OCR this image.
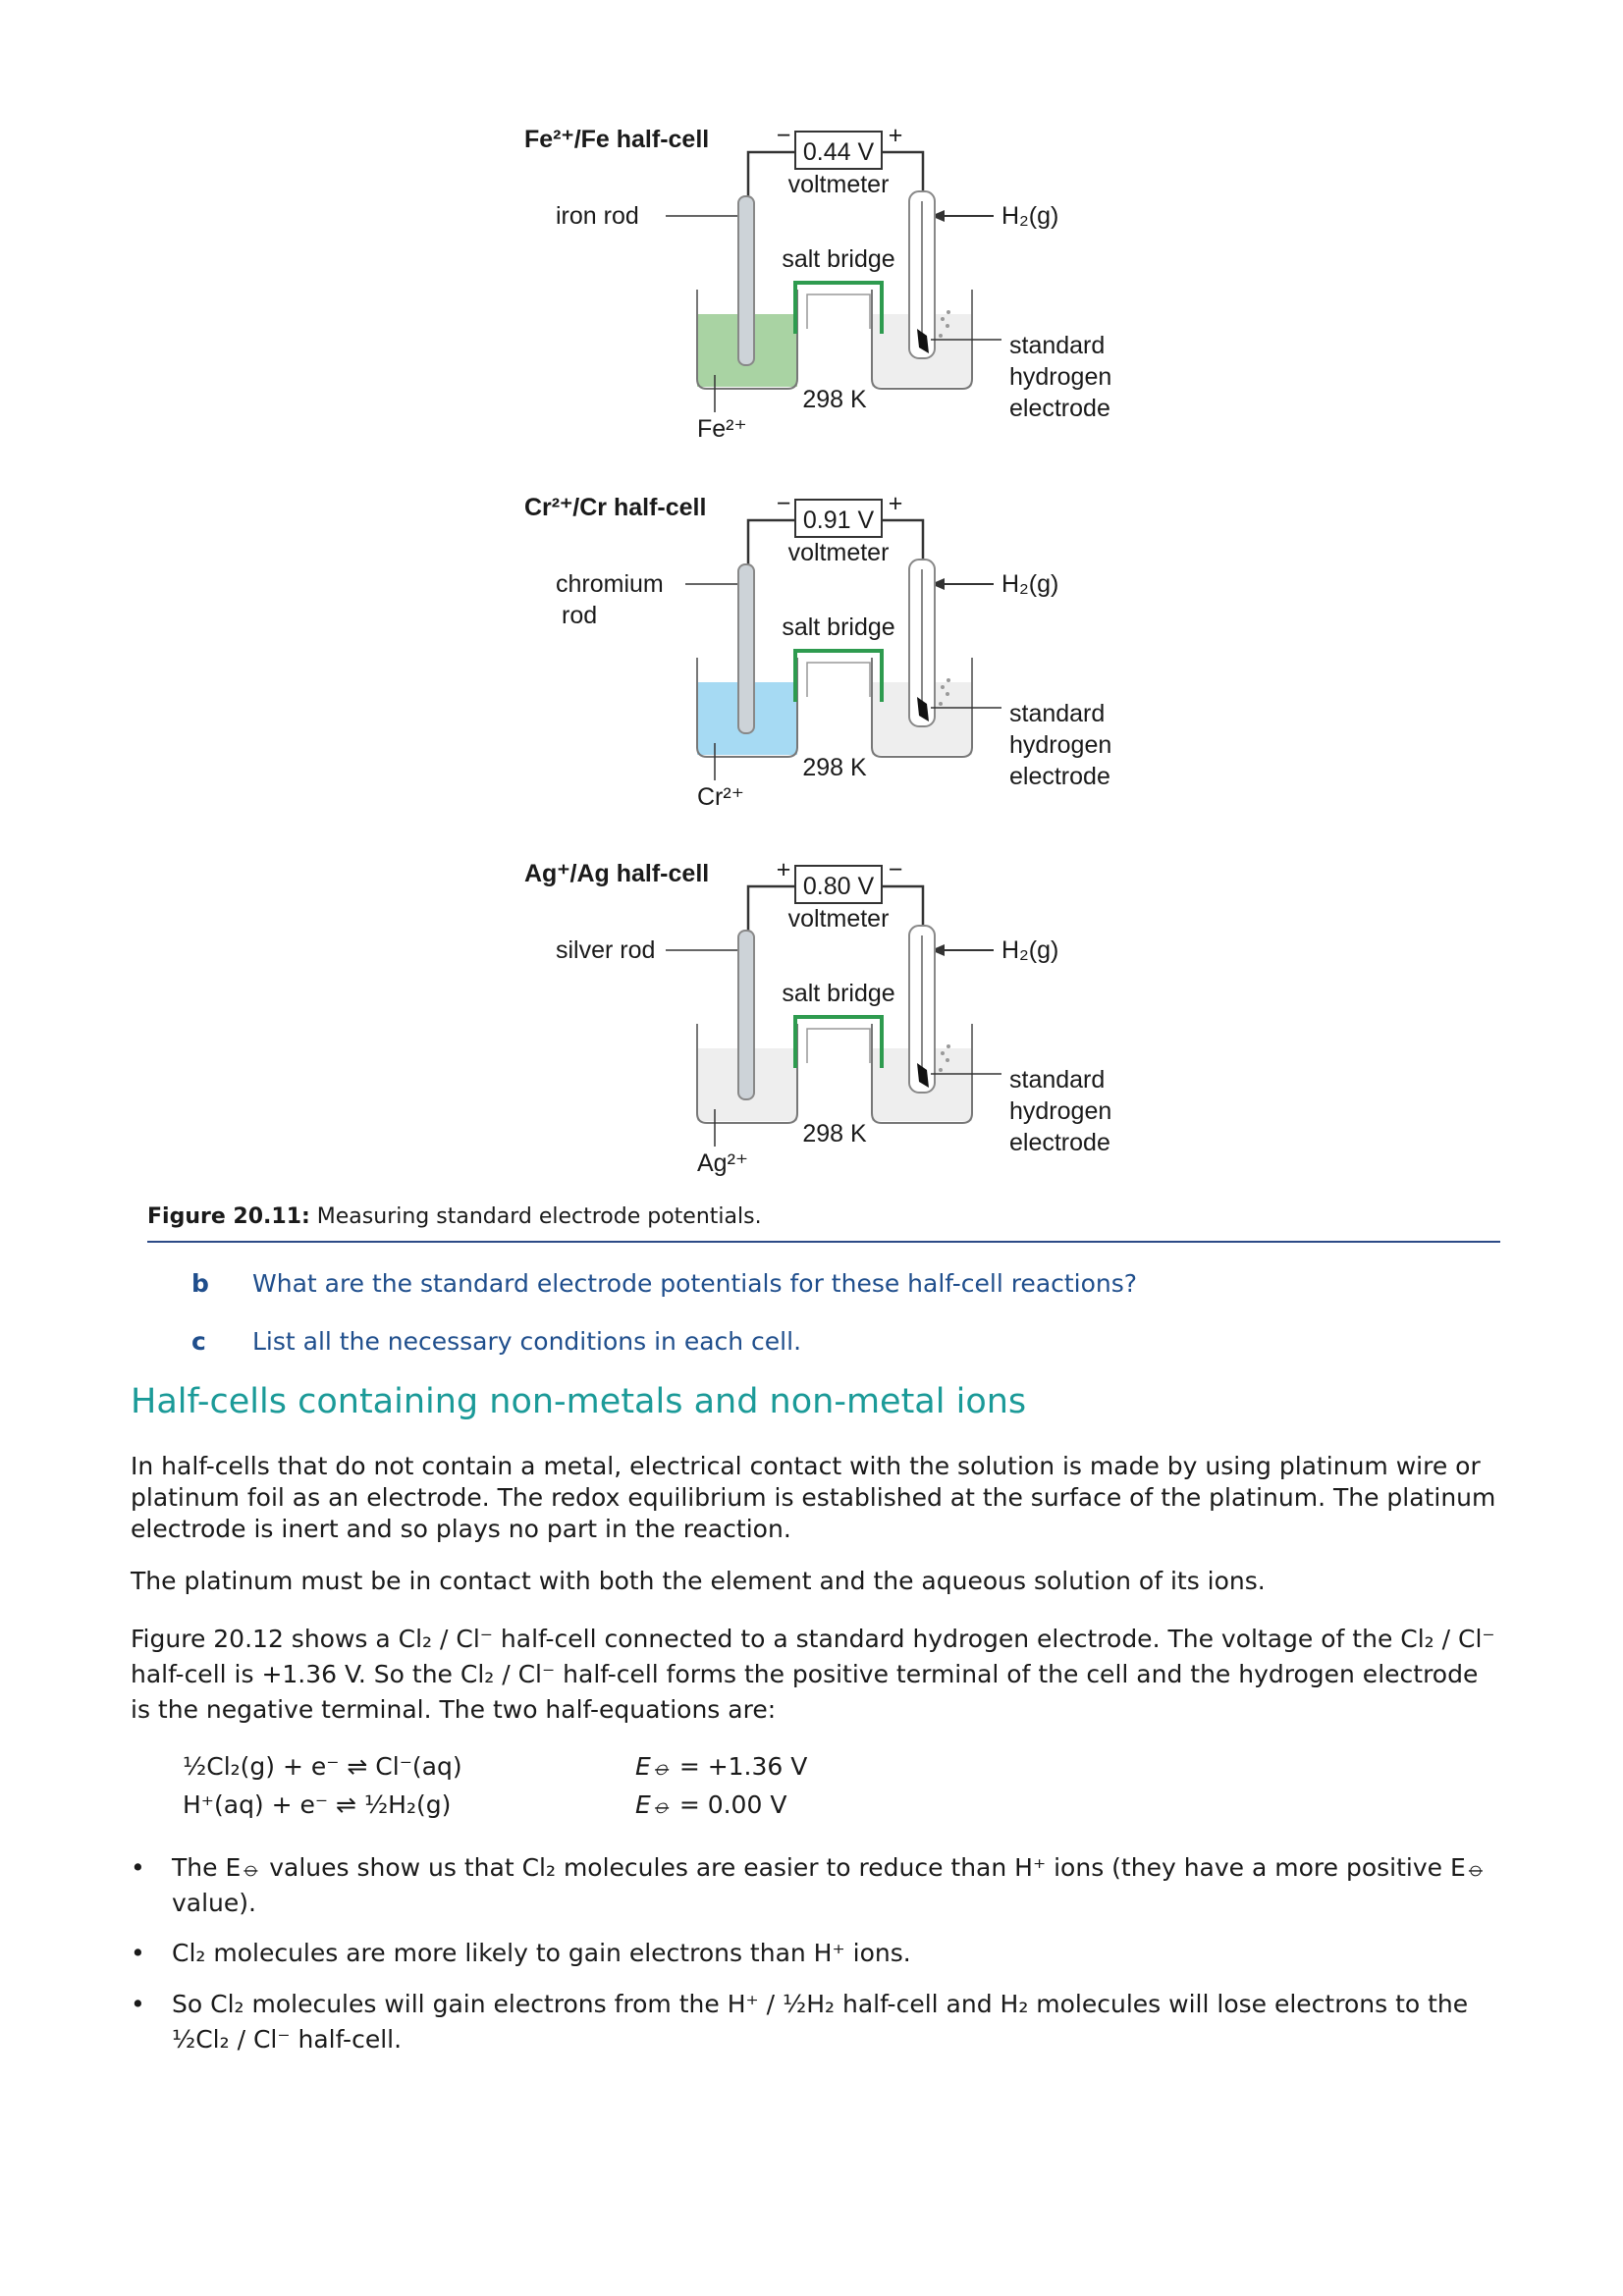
Fe²⁺/Fe half-cell
iron rod
0.44 V
−	+
voltmeter
H₂(g)
salt bridge
standard
hydrogen
electrode
298 K
Fe²⁺
Cr²⁺/Cr half-cell
chromium
rod
0.91 V
−	+
voltmeter
H₂(g)
salt bridge
standard
hydrogen
electrode
298 K
Cr²⁺
Ag⁺/Ag half-cell
silver rod
0.80 V
+	−
voltmeter
H₂(g)
salt bridge
standard
hydrogen
electrode
298 K
Ag²⁺
Figure 20.11: Measuring standard electrode potentials.
b What are the standard electrode potentials for these half-cell reactions?
c List all the necessary conditions in each cell.
Half-cells containing non-metals and non-metal ions

In half-cells that do not contain a metal, electrical contact with the solution is made by using platinum wire or platinum foil as an electrode. The redox equilibrium is established at the surface of the platinum. The platinum electrode is inert and so plays no part in the reaction.

The platinum must be in contact with both the element and the aqueous solution of its ions.

Figure 20.12 shows a Cl₂ / Cl⁻ half-cell connected to a standard hydrogen electrode. The voltage of the Cl₂ / Cl⁻ half-cell is +1.36 V. So the Cl₂ / Cl⁻ half-cell forms the positive terminal of the cell and the hydrogen electrode is the negative terminal. The two half-equations are:

½Cl₂(g) + e⁻ ⇌ Cl⁻(aq)	E⦵ = +1.36 V
H⁺(aq) + e⁻ ⇌ ½H₂(g)	E⦵ = 0.00 V
• The E⦵ values show us that Cl₂ molecules are easier to reduce than H⁺ ions (they have a more positive E⦵ value).
• Cl₂ molecules are more likely to gain electrons than H⁺ ions.
• So Cl₂ molecules will gain electrons from the H⁺ / ½H₂ half-cell and H₂ molecules will lose electrons to the ½Cl₂ / Cl⁻ half-cell.
